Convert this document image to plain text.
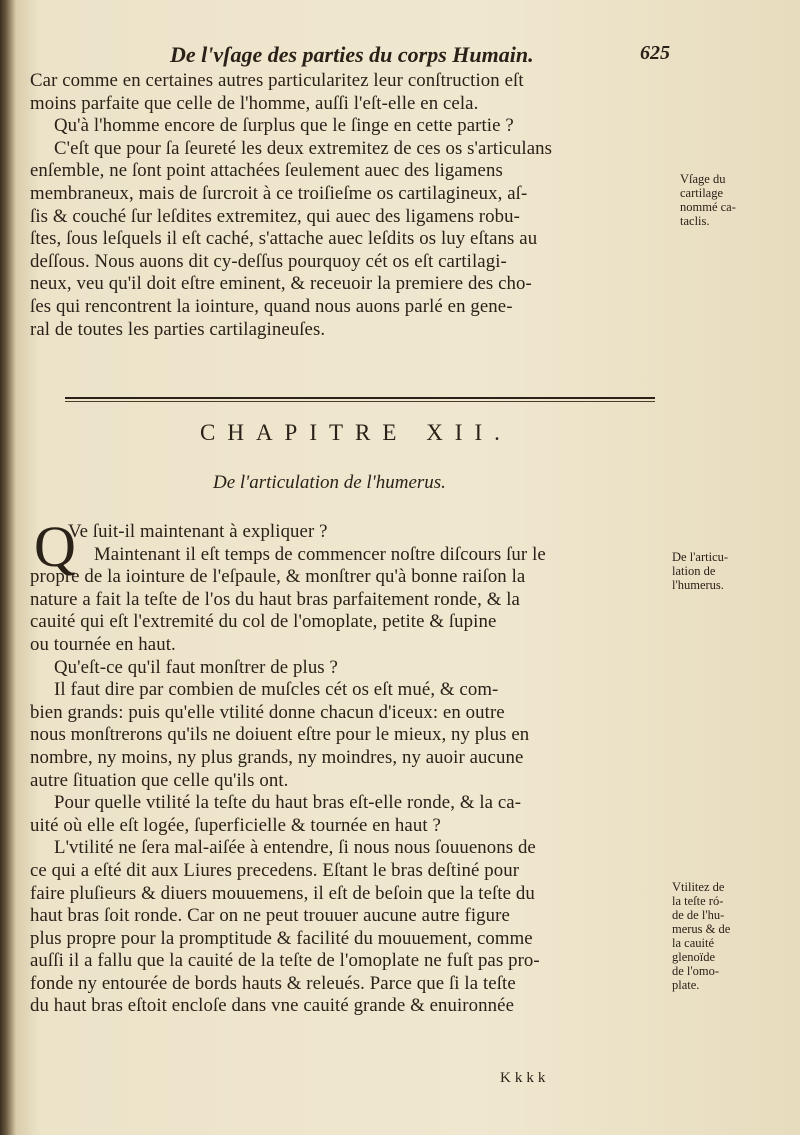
De l'vſage des parties du corps Humain.	625
Car comme en certaines autres particularitez leur conſtruction eſt
moins parfaite que celle de l'homme, auſſi l'eſt-elle en cela.
Qu'à l'homme encore de ſurplus que le ſinge en cette partie ?
C'eſt que pour ſa ſeureté les deux extremitez de ces os s'articulans
enſemble, ne ſont point attachées ſeulement auec des ligamens
membraneux, mais de ſurcroit à ce troiſieſme os cartilagineux, aſ-
ſis & couché ſur leſdites extremitez, qui auec des ligamens robu-
ſtes, ſous leſquels il eſt caché, s'attache auec leſdits os luy eſtans au
deſſous. Nous auons dit cy-deſſus pourquoy cét os eſt cartilagi-
neux, veu qu'il doit eſtre eminent, & receuoir la premiere des cho-
ſes qui rencontrent la iointure, quand nous auons parlé en gene-
ral de toutes les parties cartilagineuſes.
Vſage du
cartilage
nommé ca-
taclis.
CHAPITRE XII.
De l'articulation de l'humerus.
Q
Ve ſuit-il maintenant à expliquer ?
Maintenant il eſt temps de commencer noſtre diſcours ſur le
propre de la iointure de l'eſpaule, & monſtrer qu'à bonne raiſon la
nature a fait la teſte de l'os du haut bras parfaitement ronde, & la
cauité qui eſt l'extremité du col de l'omoplate, petite & ſupine
ou tournée en haut.
Qu'eſt-ce qu'il faut monſtrer de plus ?
Il faut dire par combien de muſcles cét os eſt mué, & com-
bien grands: puis qu'elle vtilité donne chacun d'iceux: en outre
nous monſtrerons qu'ils ne doiuent eſtre pour le mieux, ny plus en
nombre, ny moins, ny plus grands, ny moindres, ny auoir aucune
autre ſituation que celle qu'ils ont.
Pour quelle vtilité la teſte du haut bras eſt-elle ronde, & la ca-
uité où elle eſt logée, ſuperficielle & tournée en haut ?
L'vtilité ne ſera mal-aiſée à entendre, ſi nous nous ſouuenons de
ce qui a eſté dit aux Liures precedens. Eſtant le bras deſtiné pour
faire pluſieurs & diuers mouuemens, il eſt de beſoin que la teſte du
haut bras ſoit ronde. Car on ne peut trouuer aucune autre figure
plus propre pour la promptitude & facilité du mouuement, comme
auſſi il a fallu que la cauité de la teſte de l'omoplate ne fuſt pas pro-
fonde ny entourée de bords hauts & releués. Parce que ſi la teſte
du haut bras eſtoit encloſe dans vne cauité grande & enuironnée
De l'articu-
lation de
l'humerus.
Vtilitez de
la teſte ró-
de de l'hu-
merus & de
la cauité
glenoïde
de l'omo-
plate.
Kkkk
